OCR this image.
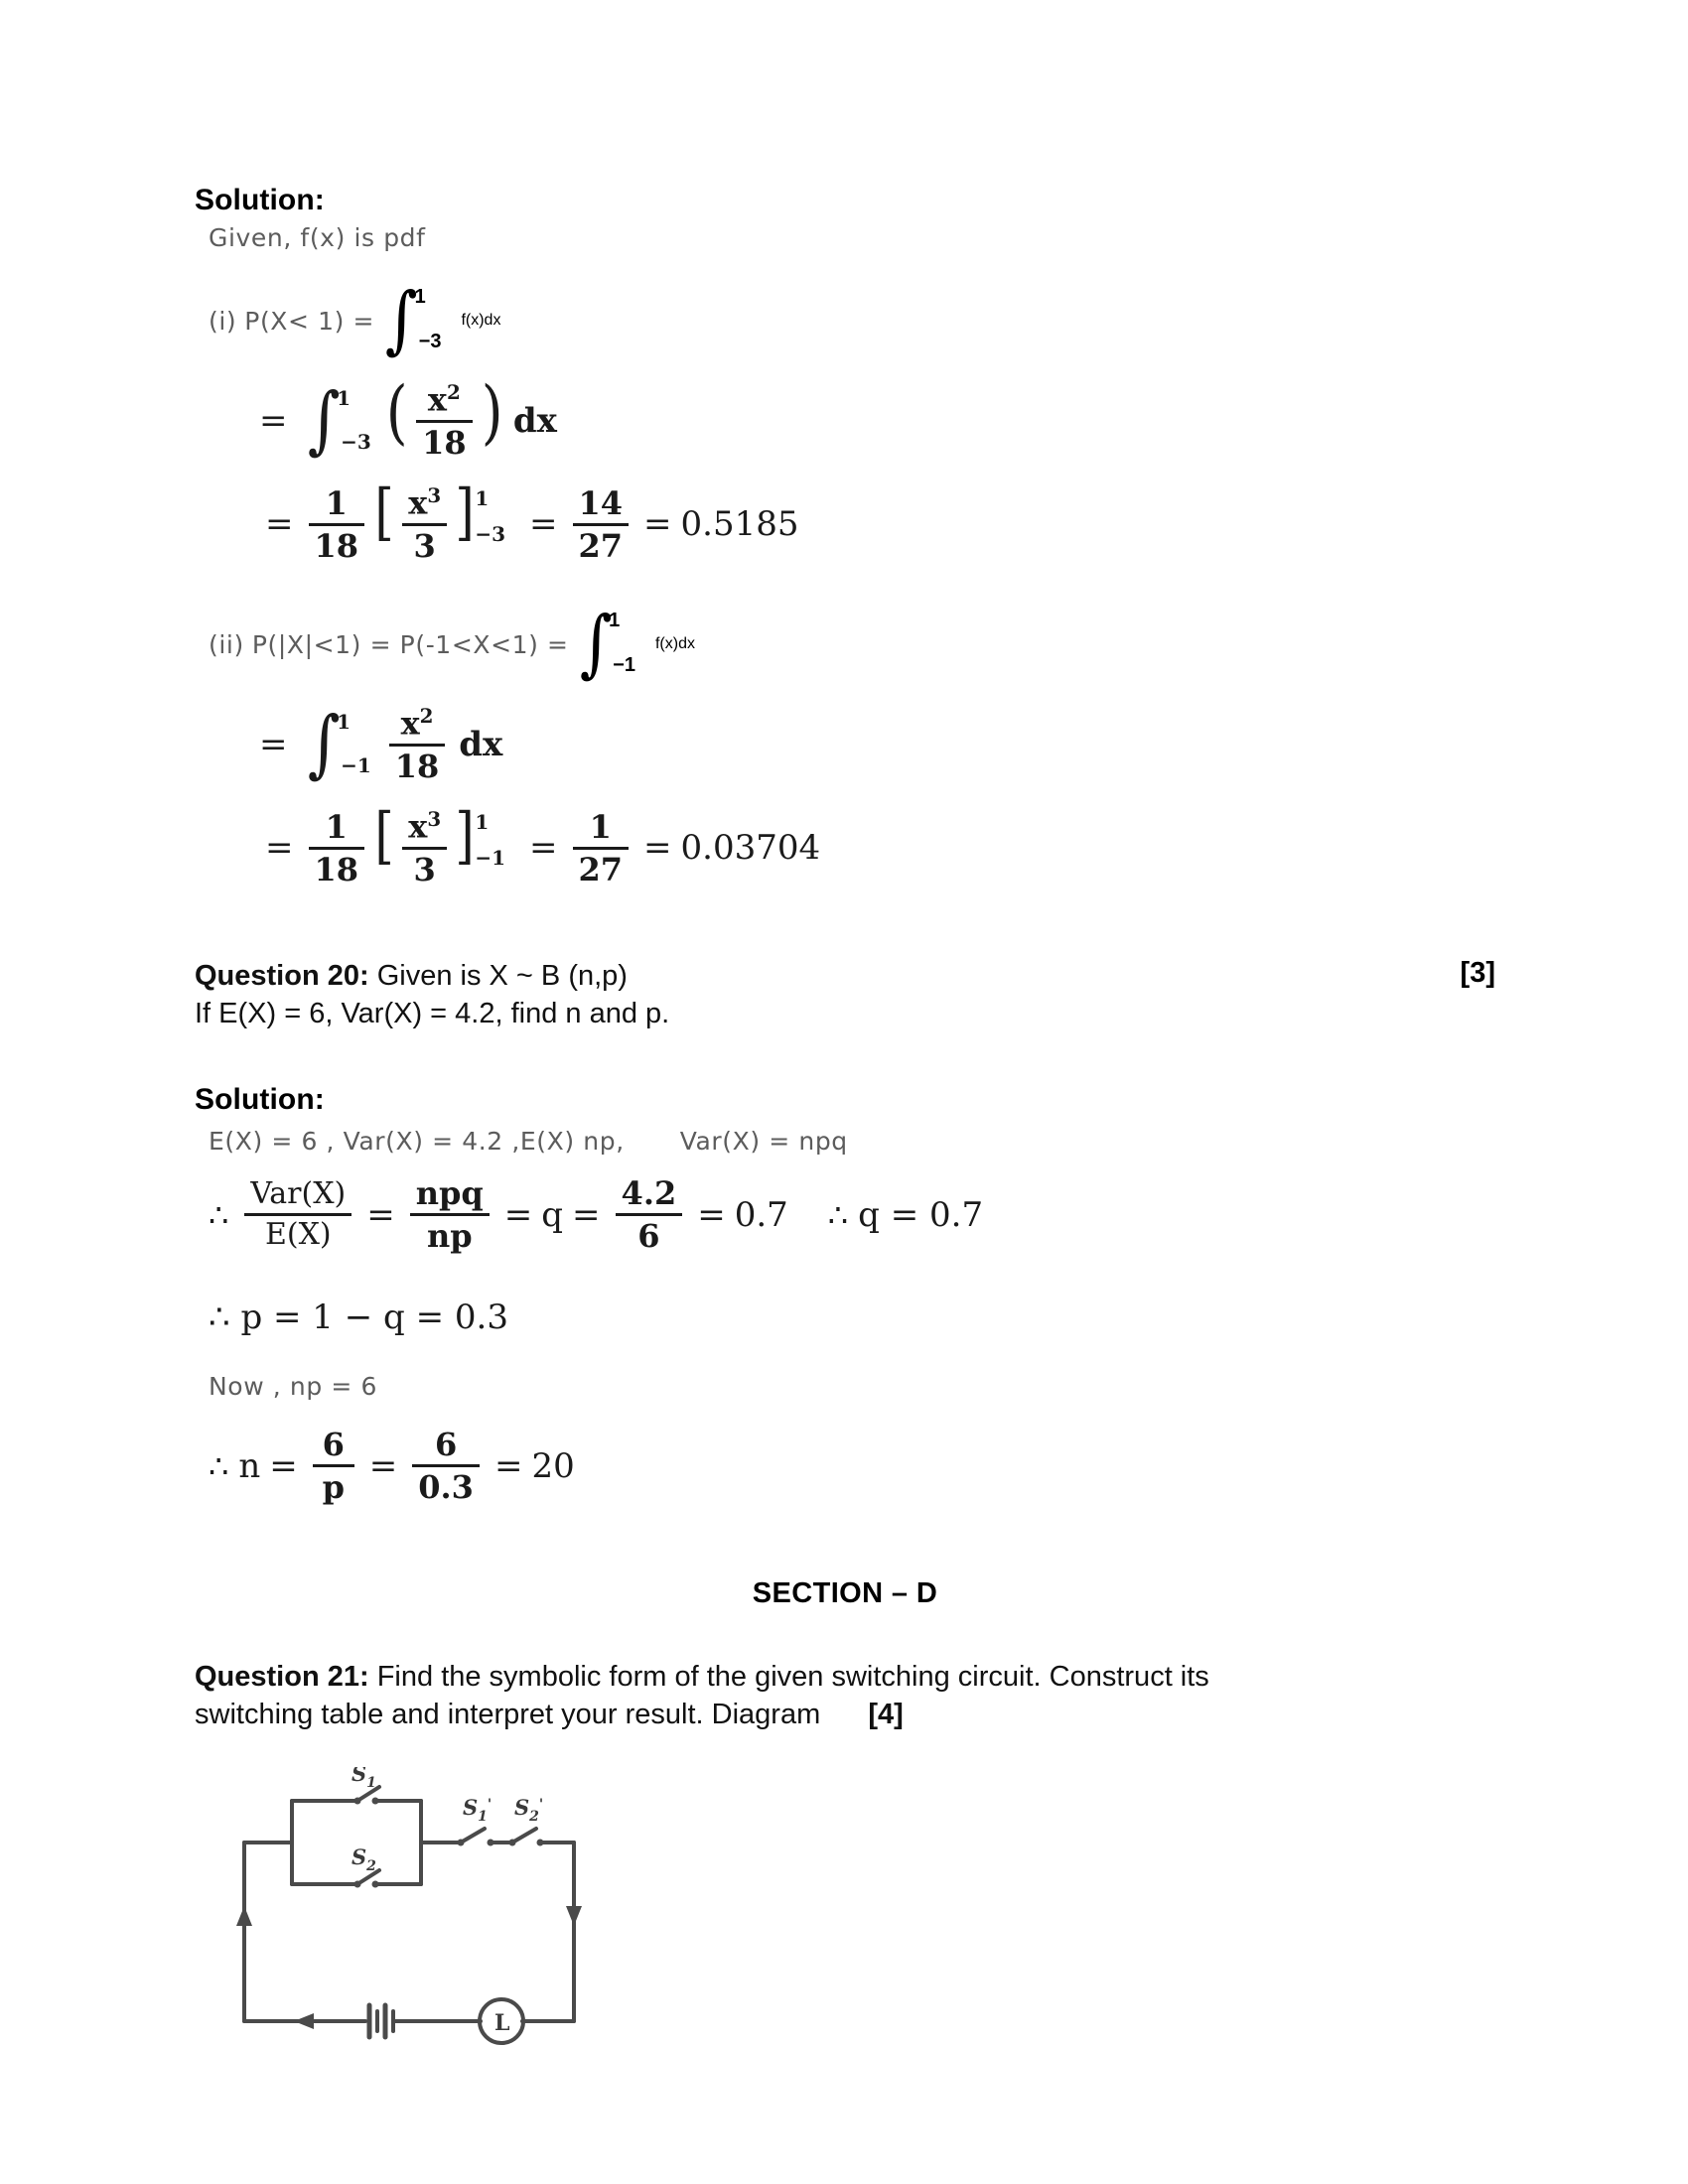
Solution:
Given, f(x) is pdf
(i) P(X< 1) = ∫
1
−3
f(x)dx
= ∫
1
−3 ( $\frac{x^2}{18}$ ) dx
= $\frac{1}{18}$ [ $\frac{x^3}{3}$ ] 1
$-3 = \frac{14}{27} = 0.5185$
(ii) P(|X|<1) = P(-1<X<1) = ∫
1
−1
f(x)dx
= ∫
1
$-1 \frac{x^2}{18}$ dx
= $\frac{1}{18}$ [ $\frac{x^3}{3}$ ] 1
$-1 = \frac{1}{27} = 0.03704$
Question 20: Given is X ~ B (n,p)
If E(X) = 6, Var(X) = 4.2, find n and p.
[3]
Solution:
E(X) = 6 , Var(X) = 4.2 ,E(X) np, Var(X) = npq
∴ $\frac{\text{Var(X)}}{E(X)} = \frac{\text{npq}}{np} = q = \frac{4.2}{6} = 0.7$ ∴ q = 0.7
∴ p = 1 − q = 0.3
Now , np = 6
∴ $n = \frac{6}{p} = \frac{6}{0.3} = 20$
SECTION – D
Question 21: Find the symbolic form of the given switching circuit. Construct its
switching table and interpret your result. Diagram [4]
$S_1$
$S_2$
$S_1'$ $S_2'$
L
